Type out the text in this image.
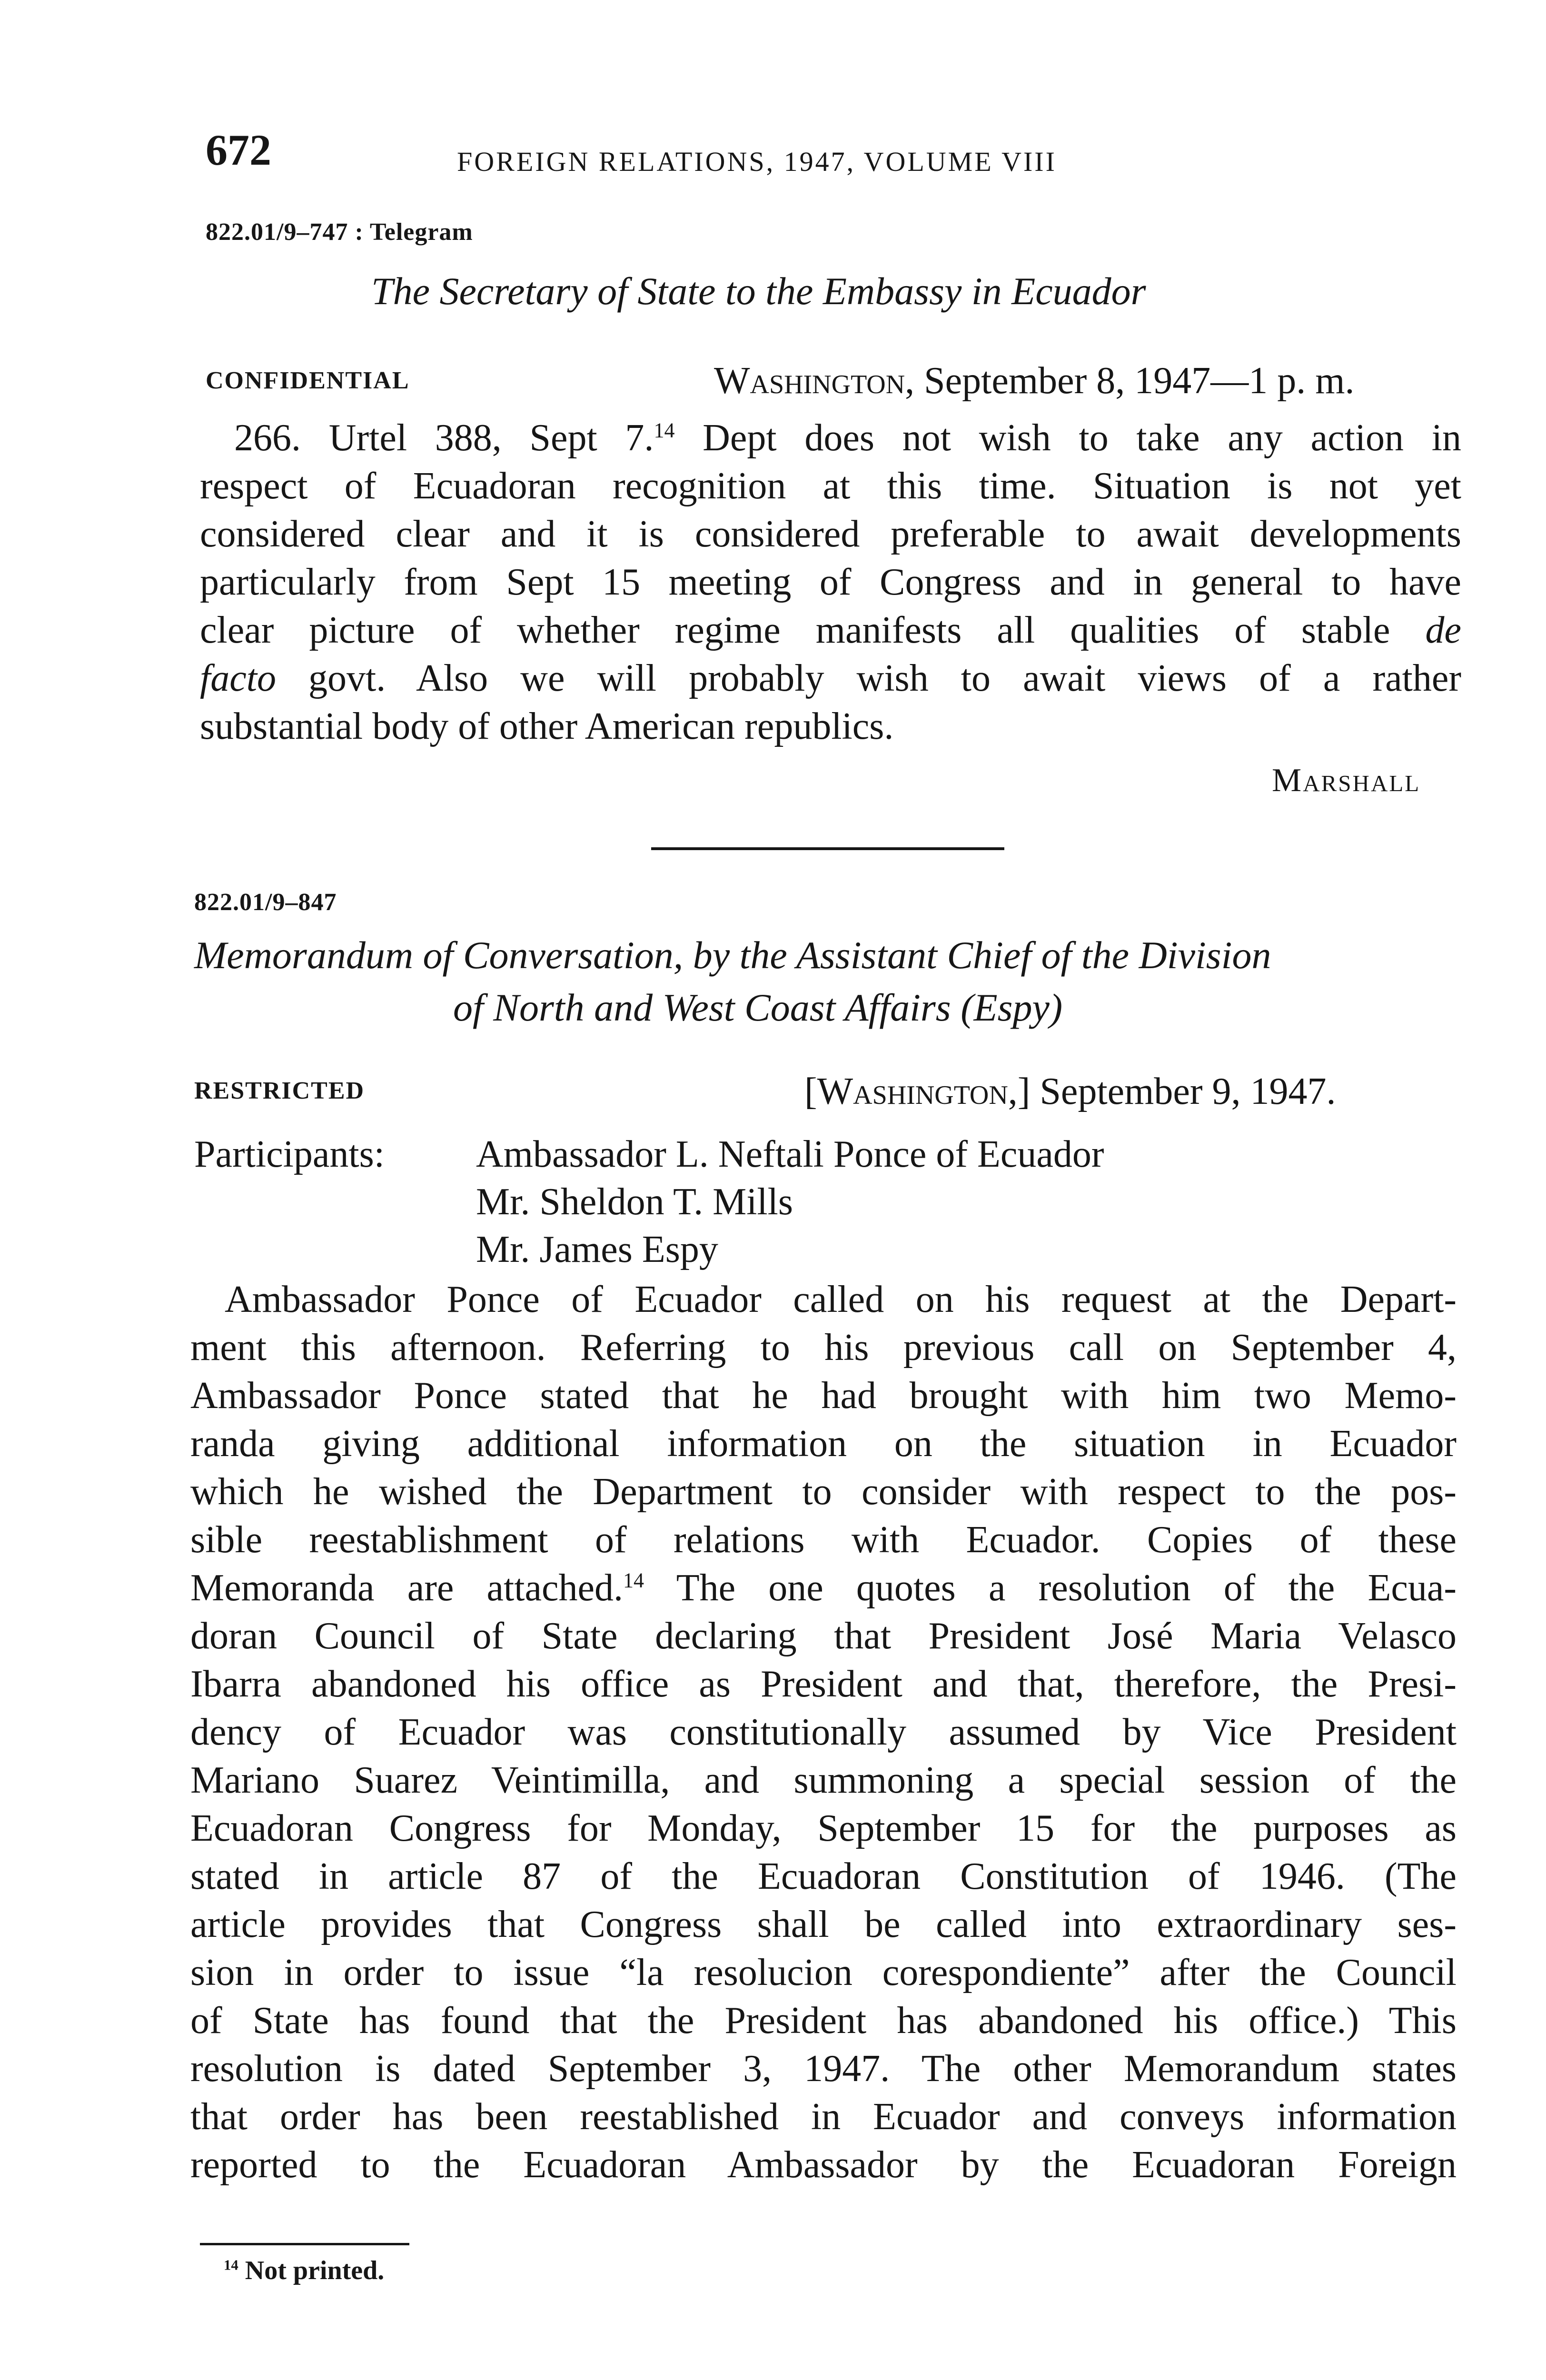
672	FOREIGN RELATIONS, 1947, VOLUME VIII
822.01/9–747 : Telegram
The Secretary of State to the Embassy in Ecuador
CONFIDENTIAL	Washington, September 8, 1947—1 p. m.
266. Urtel 388, Sept 7.14 Dept does not wish to take any action in
respect of Ecuadoran recognition at this time. Situation is not yet
considered clear and it is considered preferable to await developments
particularly from Sept 15 meeting of Congress and in general to have
clear picture of whether regime manifests all qualities of stable de
facto govt. Also we will probably wish to await views of a rather
substantial body of other American republics.
Marshall
822.01/9–847
Memorandum of Conversation, by the Assistant Chief of the Division
of North and West Coast Affairs (Espy)
RESTRICTED	[Washington,] September 9, 1947.
Participants: Ambassador L. Neftali Ponce of Ecuador
Mr. Sheldon T. Mills
Mr. James Espy
Ambassador Ponce of Ecuador called on his request at the Depart-
ment this afternoon. Referring to his previous call on September 4,
Ambassador Ponce stated that he had brought with him two Memo-
randa giving additional information on the situation in Ecuador
which he wished the Department to consider with respect to the pos-
sible reestablishment of relations with Ecuador. Copies of these
Memoranda are attached.$^{14}$ The one quotes a resolution of the Ecua-
doran Council of State declaring that President José Maria Velasco
Ibarra abandoned his office as President and that, therefore, the Presi-
dency of Ecuador was constitutionally assumed by Vice President
Mariano Suarez Veintimilla, and summoning a special session of the
Ecuadoran Congress for Monday, September 15 for the purposes as
stated in article 87 of the Ecuadoran Constitution of 1946. (The
article provides that Congress shall be called into extraordinary ses-
sion in order to issue “la resolucion corespondiente” after the Council
of State has found that the President has abandoned his office.) This
resolution is dated September 3, 1947. The other Memorandum states
that order has been reestablished in Ecuador and conveys information
reported to the Ecuadoran Ambassador by the Ecuadoran Foreign
$^{14}$ Not printed.
